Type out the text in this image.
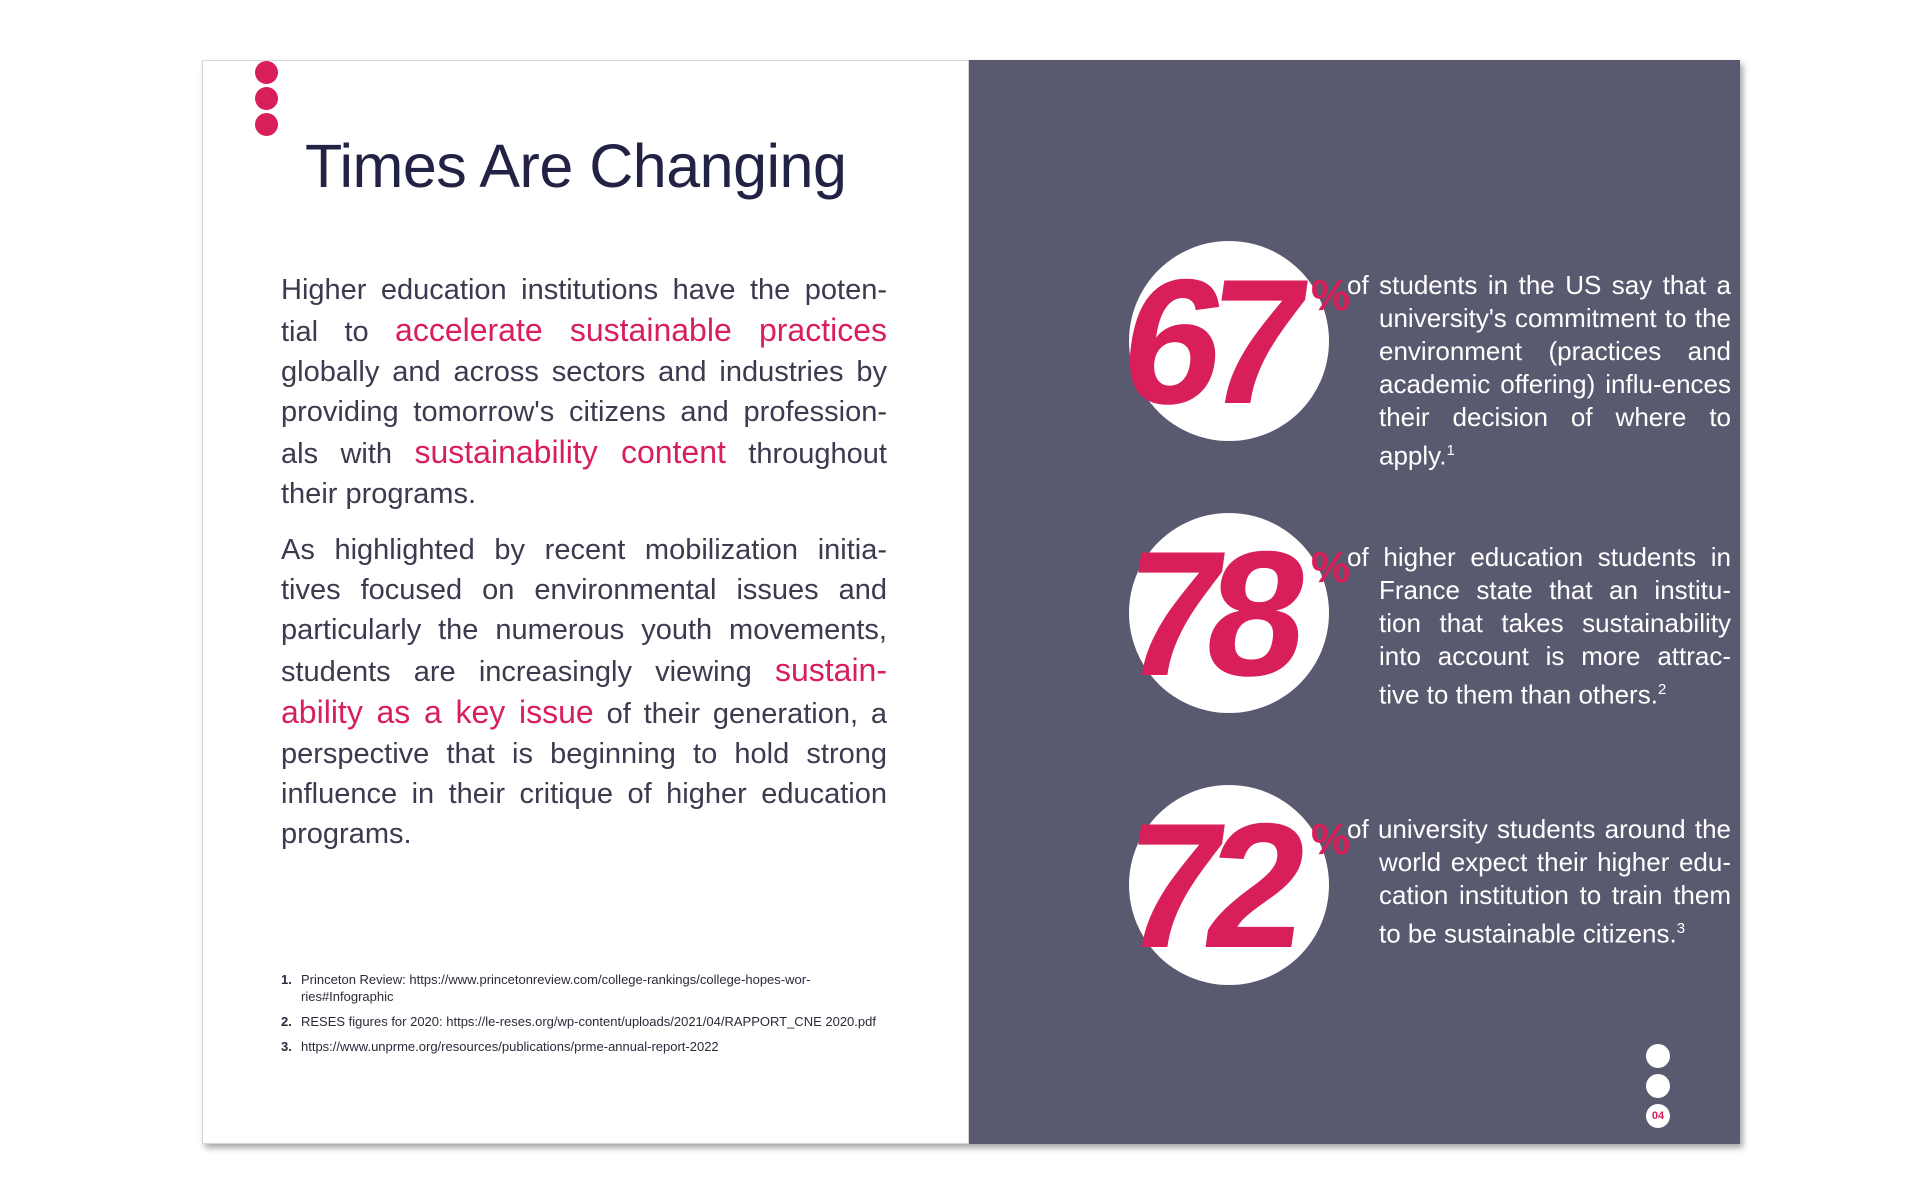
Times Are Changing

Higher education institutions have the poten-tial to accelerate sustainable practices globally and across sectors and industries by providing tomorrow's citizens and profession-als with sustainability content throughout their programs.

As highlighted by recent mobilization initia-tives focused on environmental issues and particularly the numerous youth movements, students are increasingly viewing sustain-ability as a key issue of their generation, a perspective that is beginning to hold strong influence in their critique of higher education programs.

1. Princeton Review: https://www.princetonreview.com/college-rankings/college-hopes-wor-ries#Infographic
2. RESES figures for 2020: https://le-reses.org/wp-content/uploads/2021/04/RAPPORT_CNE 2020.pdf
3. https://www.unprme.org/resources/publications/prme-annual-report-2022
67 %

of students in the US say that a university's commitment to the environment (practices and academic offering) influ-ences their decision of where to apply.$^1$

78 %

of higher education students in France state that an institu-tion that takes sustainability into account is more attrac-tive to them than others.$^2$

72 %

of university students around the world expect their higher edu-cation institution to train them to be sustainable citizens.$^3$

04
